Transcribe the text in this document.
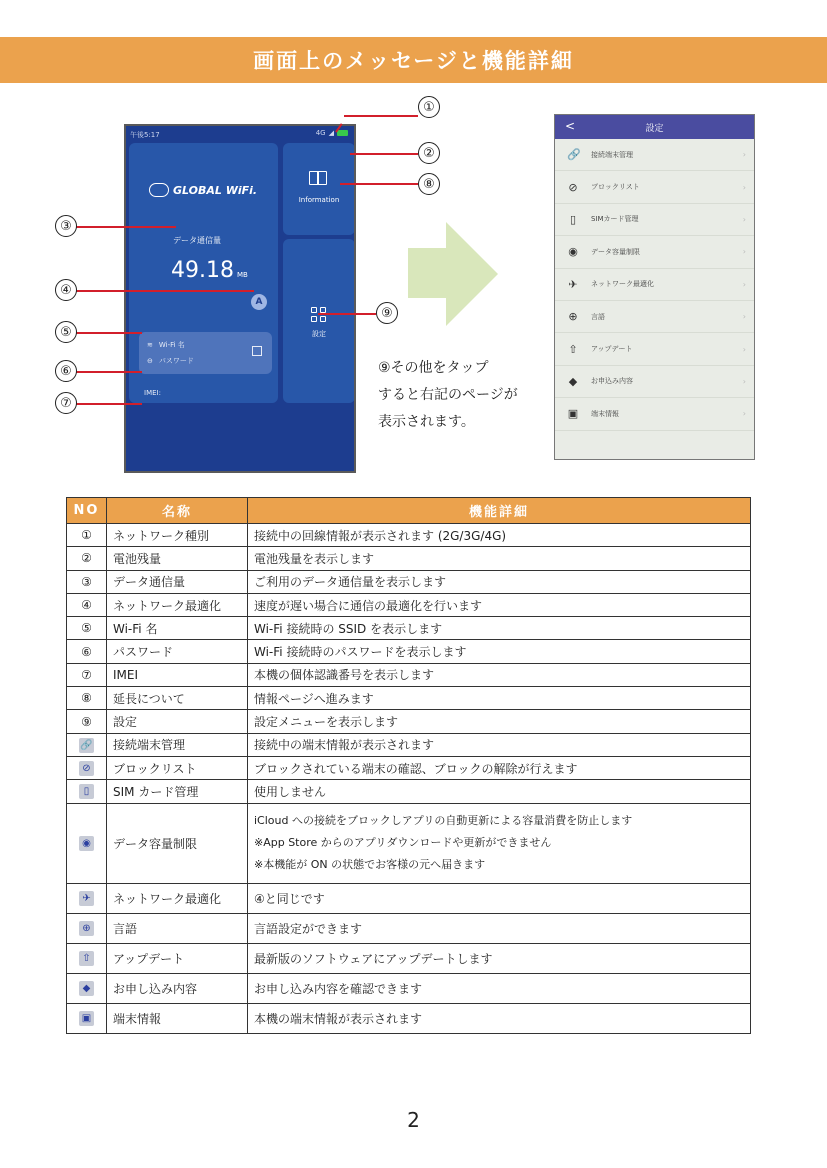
画面上のメッセージと機能詳細
午後5:17	4G ◢
GLOBAL WiFi.
データ通信量
49.18 MB
A
≋ Wi-Fi 名
⊖ パスワード
IMEI:
Information
設定
①
②
③
④
⑤
⑥
⑦
⑧
⑨
⑨その他をタップ
すると右記のページが
表示されます。
<	設定
🔗 接続端末管理	›
⊘ ブロックリスト	›
▯	SIMカード管理	›
◉ データ容量制限	›
✈ ネットワーク最適化	›
⊕ 言語	›
⇧ アップデート	›
◆ お申込み内容	›
▣ 端末情報	›
NO	名称	機能詳細
①	ネットワーク種別	接続中の回線情報が表示されます (2G/3G/4G)
②	電池残量	電池残量を表示します
③	データ通信量	ご利用のデータ通信量を表示します
④	ネットワーク最適化	速度が遅い場合に通信の最適化を行います
⑤	Wi-Fi 名	Wi-Fi 接続時の SSID を表示します
⑥	パスワード	Wi-Fi 接続時のパスワードを表示します
⑦	IMEI	本機の個体認識番号を表示します
⑧	延長について	情報ページへ進みます
⑨	設定	設定メニューを表示します
🔗	接続端末管理	接続中の端末情報が表示されます
⊘	ブロックリスト	ブロックされている端末の確認、ブロックの解除が行えます
▯	SIM カード管理	使用しません
◉	データ容量制限	iCloud への接続をブロックしアプリの自動更新による容量消費を防止します
※App Store からのアプリダウンロードや更新ができません
※本機能が ON の状態でお客様の元へ届きます

✈	ネットワーク最適化	④と同じです
⊕	言語	言語設定ができます
⇧	アップデート	最新版のソフトウェアにアップデートします
◆	お申し込み内容	お申し込み内容を確認できます
▣	端末情報	本機の端末情報が表示されます
2
